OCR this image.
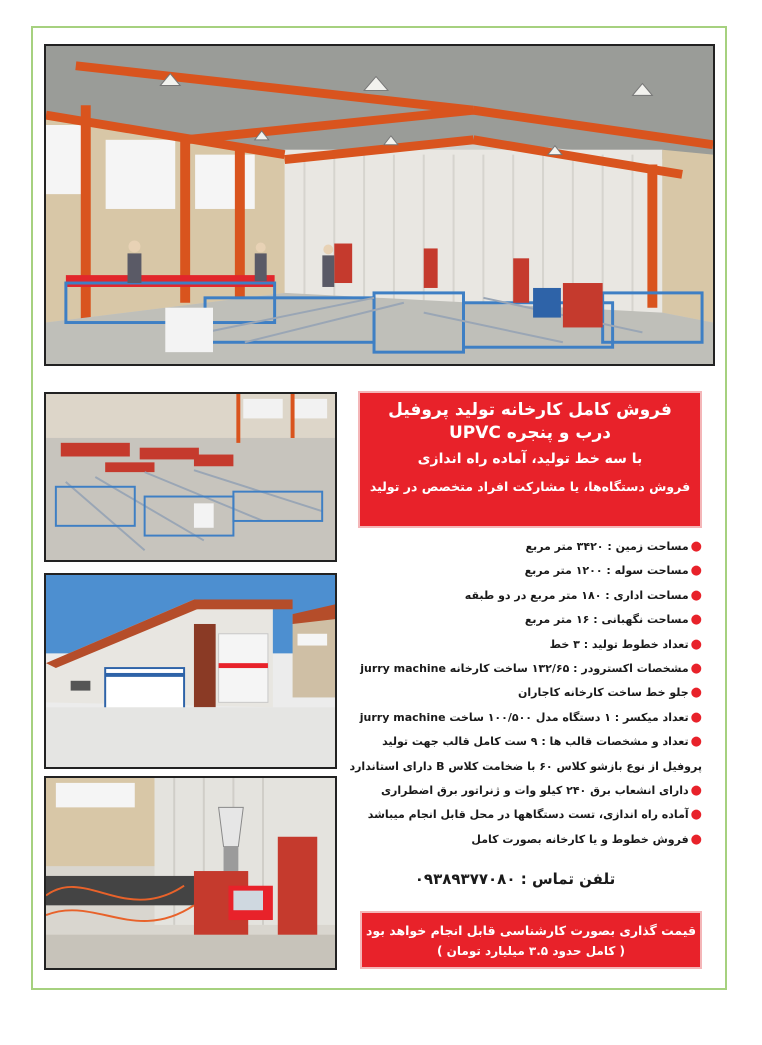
فروش کامل کارخانه تولید پروفیل
درب و پنجره UPVC
با سه خط تولید، آماده راه اندازی
فروش دستگاه‌ها، یا مشارکت افراد متخصص در تولید
●مساحت زمین : ۳۴۲۰ متر مربع
●مساحت سوله : ۱۲۰۰ متر مربع
●مساحت اداری : ۱۸۰ متر مربع در دو طبقه
●مساحت نگهبانی : ۱۶ متر مربع
●تعداد خطوط تولید : ۳ خط
●مشخصات اکسترودر : ۱۳۲/۶۵ ساخت کارخانه jurry machine
●جلو خط ساخت کارخانه کاجاران
●تعداد میکسر : ۱ دستگاه مدل ۱۰۰/۵۰۰ ساخت jurry machine
●تعداد و مشخصات قالب ها : ۹ ست کامل قالب جهت تولید
پروفیل از نوع بازشو کلاس ۶۰ با ضخامت کلاس B دارای استاندارد
●دارای انشعاب برق ۲۴۰ کیلو وات و ژنراتور برق اضطراری
●آماده راه اندازی، تست دستگاهها در محل قابل انجام میباشد
●فروش خطوط و یا کارخانه بصورت کامل
تلفن تماس : ۰۹۳۸۹۳۷۷۰۸۰
قیمت گذاری بصورت کارشناسی قابل انجام خواهد بود
( کامل حدود ۳.۵ میلیارد تومان )
